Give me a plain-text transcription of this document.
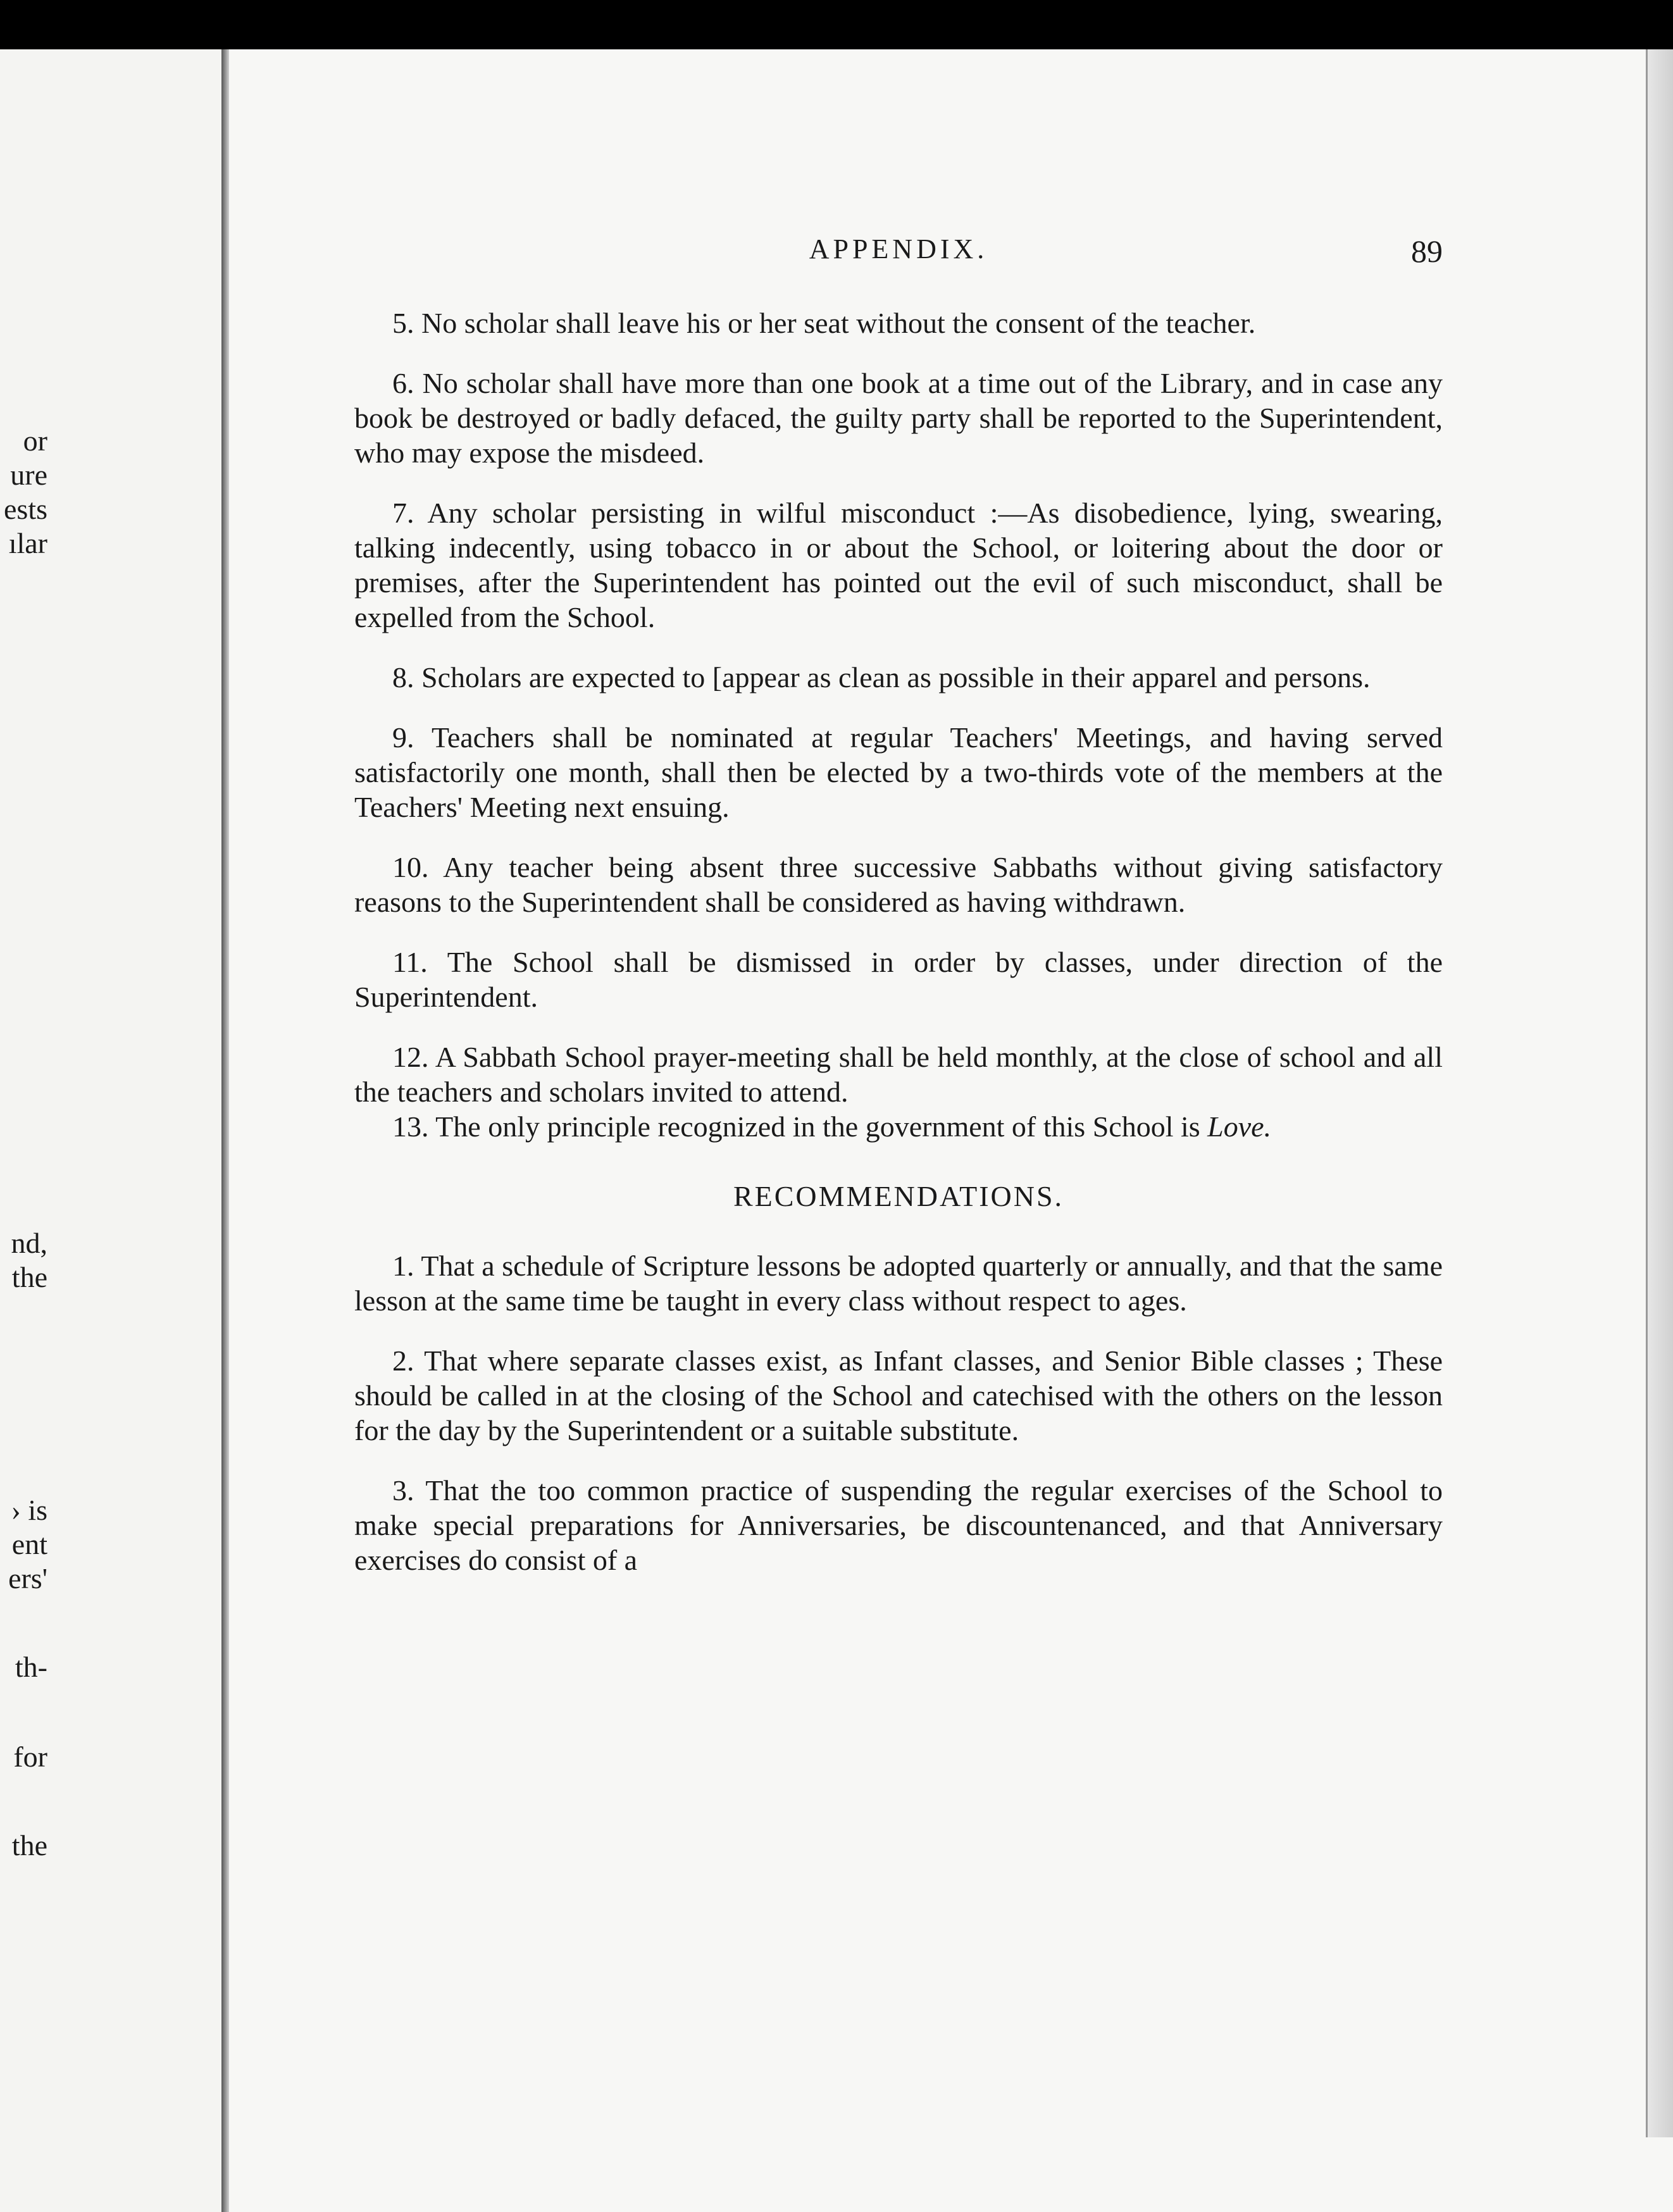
or
ure
ests
ılar
nd,
the
› is
ent
ers'
th-
for
the
APPENDIX.	89

5. No scholar shall leave his or her seat without the consent of the teacher.

6. No scholar shall have more than one book at a time out of the Library, and in case any book be destroyed or badly defaced, the guilty party shall be reported to the Superintendent, who may expose the misdeed.

7. Any scholar persisting in wilful misconduct :—As disobedience, lying, swearing, talking indecently, using tobacco in or about the School, or loitering about the door or premises, after the Superintendent has pointed out the evil of such misconduct, shall be expelled from the School.

8. Scholars are expected to [appear as clean as possible in their apparel and persons.

9. Teachers shall be nominated at regular Teachers' Meetings, and having served satisfactorily one month, shall then be elected by a two-thirds vote of the members at the Teachers' Meeting next ensuing.

10. Any teacher being absent three successive Sabbaths without giving satisfactory reasons to the Superintendent shall be considered as having withdrawn.

11. The School shall be dismissed in order by classes, under direction of the Superintendent.

12. A Sabbath School prayer-meeting shall be held monthly, at the close of school and all the teachers and scholars invited to attend.

13. The only principle recognized in the government of this School is Love.

RECOMMENDATIONS.

1. That a schedule of Scripture lessons be adopted quarterly or annually, and that the same lesson at the same time be taught in every class without respect to ages.

2. That where separate classes exist, as Infant classes, and Senior Bible classes ; These should be called in at the closing of the School and catechised with the others on the lesson for the day by the Superintendent or a suitable substitute.

3. That the too common practice of suspending the regular exercises of the School to make special preparations for Anniversaries, be discountenanced, and that Anniversary exercises do consist of a
